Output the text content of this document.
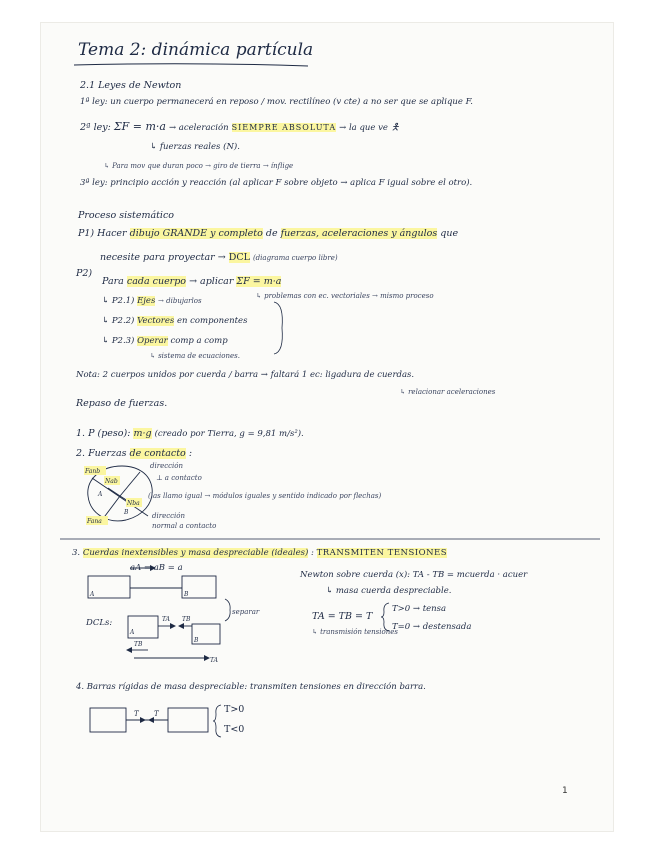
Tema 2: dinámica partícula
2.1 Leyes de Newton
1ª ley: un cuerpo permanecerá en reposo / mov. rectilíneo (v cte) a no ser que se aplique F.
2ª ley: ΣF = m·a → aceleración SIEMPRE ABSOLUTA → la que ve 🯅
↳ fuerzas reales (N).
↳ Para mov que duran poco → giro de tierra → ínflige
3ª ley: principio acción y reacción (al aplicar F sobre objeto → aplica F igual sobre el otro).
Proceso sistemático
P1) Hacer dibujo GRANDE y completo de fuerzas, aceleraciones y ángulos que
necesite para proyectar → DCL (diagrama cuerpo libre)
P2)
Para cada cuerpo → aplicar ΣF = m·a
↳ problemas con ec. vectoriales → mismo proceso
↳ P2.1) Ejes → dibujarlos
↳ P2.2) Vectores en componentes
↳ P2.3) Operar comp a comp
↳ sistema de ecuaciones.
Nota: 2 cuerpos unidos por cuerda / barra → faltará 1 ec: ligadura de cuerdas.
↳ relacionar aceleraciones
Repaso de fuerzas.
1. P (peso): m·g (creado por Tierra, g = 9,81 m/s²).
2. Fuerzas de contacto :
Fanb
Nab
Nba
Fana
A
B
dirección
⊥ a contacto
(las llamo igual → módulos iguales y sentido indicado por flechas)
dirección
normal a contacto
3. Cuerdas inextensibles y masa despreciable (ideales) : TRANSMITEN TENSIONES
A	B
TA TB
A
B
TB
TA
aA = aB = a
separar
DCLs:
Newton sobre cuerda (x): TA - TB = mcuerda · acuer
↳ masa cuerda despreciable.
TA = TB = T
↳ transmisión tensiones
T>0 → tensa
T=0 → destensada
4. Barras rígidas de masa despreciable: transmiten tensiones en dirección barra.
T T	T>0
T<0
1
